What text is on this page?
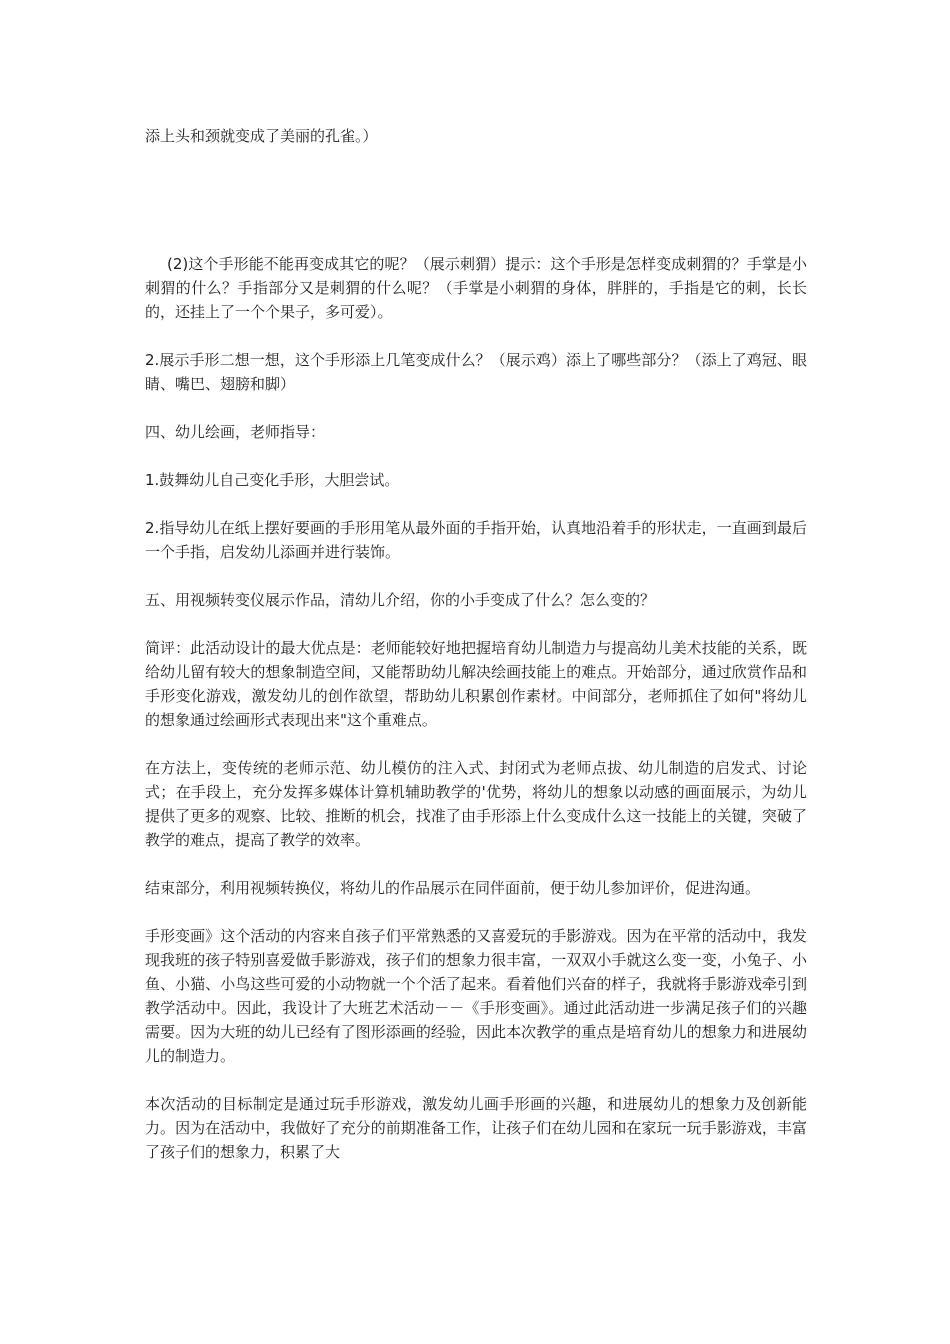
添上头和颈就变成了美丽的孔雀。）

(2)这个手形能不能再变成其它的呢？（展示刺猬）提示：这个手形是怎样变成刺猬的？手掌是小刺猬的什么？手指部分又是刺猬的什么呢？（手掌是小刺猬的身体，胖胖的，手指是它的刺，长长的，还挂上了一个个果子，多可爱）。

2.展示手形二想一想，这个手形添上几笔变成什么？（展示鸡）添上了哪些部分？（添上了鸡冠、眼睛、嘴巴、翅膀和脚）

四、幼儿绘画，老师指导：

1.鼓舞幼儿自己变化手形，大胆尝试。

2.指导幼儿在纸上摆好要画的手形用笔从最外面的手指开始，认真地沿着手的形状走，一直画到最后一个手指，启发幼儿添画并进行装饰。

五、用视频转变仪展示作品，清幼儿介绍，你的小手变成了什么？怎么变的？

简评：此活动设计的最大优点是：老师能较好地把握培育幼儿制造力与提高幼儿美术技能的关系，既给幼儿留有较大的想象制造空间，又能帮助幼儿解决绘画技能上的难点。开始部分，通过欣赏作品和手形变化游戏，激发幼儿的创作欲望，帮助幼儿积累创作素材。中间部分，老师抓住了如何"将幼儿的想象通过绘画形式表现出来"这个重难点。

在方法上，变传统的老师示范、幼儿模仿的注入式、封闭式为老师点拔、幼儿制造的启发式、讨论式；在手段上，充分发挥多媒体计算机辅助教学的'优势，将幼儿的想象以动感的画面展示，为幼儿提供了更多的观察、比较、推断的机会，找准了由手形添上什么变成什么这一技能上的关键，突破了教学的难点，提高了教学的效率。

结束部分，利用视频转换仪，将幼儿的作品展示在同伴面前，便于幼儿参加评价，促进沟通。

手形变画》这个活动的内容来自孩子们平常熟悉的又喜爱玩的手影游戏。因为在平常的活动中，我发现我班的孩子特别喜爱做手影游戏，孩子们的想象力很丰富，一双双小手就这么变一变，小兔子、小鱼、小猫、小鸟这些可爱的小动物就一个个活了起来。看着他们兴奋的样子，我就将手影游戏牵引到教学活动中。因此，我设计了大班艺术活动－－《手形变画》。通过此活动进一步满足孩子们的兴趣需要。因为大班的幼儿已经有了图形添画的经验，因此本次教学的重点是培育幼儿的想象力和进展幼儿的制造力。

本次活动的目标制定是通过玩手形游戏，激发幼儿画手形画的兴趣，和进展幼儿的想象力及创新能力。因为在活动中，我做好了充分的前期准备工作，让孩子们在幼儿园和在家玩一玩手影游戏，丰富了孩子们的想象力，积累了大
